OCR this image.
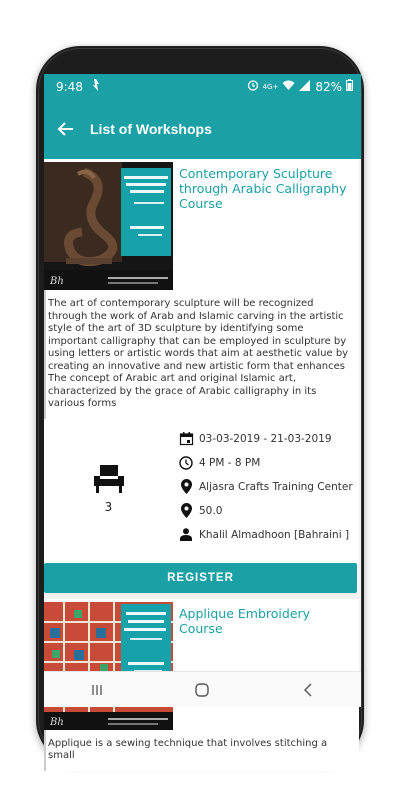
9:48	4G+	82%
List of Workshops
Bh
Contemporary Sculpture through Arabic Calligraphy Course
The art of contemporary sculpture will be recognized through the work of Arab and Islamic carving in the artistic style of the art of 3D sculpture by identifying some important calligraphy that can be employed in sculpture by using letters or artistic words that aim at aesthetic value by creating an innovative and new artistic form that enhances The concept of Arabic art and original Islamic art, characterized by the grace of Arabic calligraphy in its various forms
3
03-03-2019 - 21-03-2019
4 PM - 8 PM
Aljasra Crafts Training Center
50.0
Khalil Almadhoon [Bahraini ]
REGISTER
Bh
Applique Embroidery Course
Applique is a sewing technique that involves stitching a small
